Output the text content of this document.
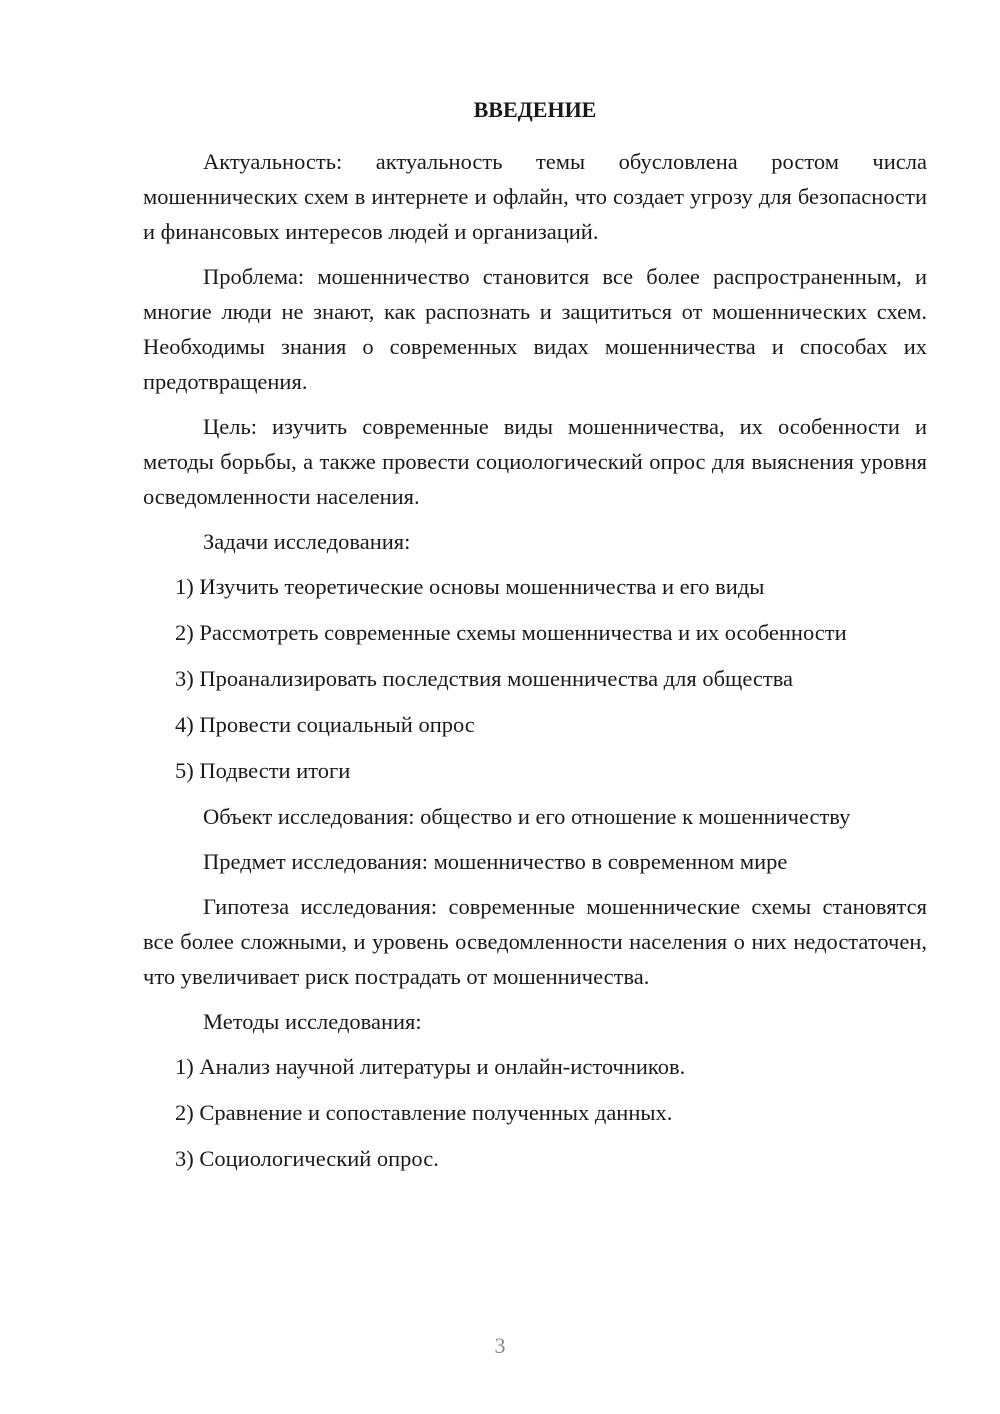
ВВЕДЕНИЕ

Актуальность: актуальность темы обусловлена ростом числа мошеннических схем в интернете и офлайн, что создает угрозу для безопасности и финансовых интересов людей и организаций.

Проблема: мошенничество становится все более распространенным, и многие люди не знают, как распознать и защититься от мошеннических схем. Необходимы знания о современных видах мошенничества и способах их предотвращения.

Цель: изучить современные виды мошенничества, их особенности и методы борьбы, а также провести социологический опрос для выяснения уровня осведомленности населения.

Задачи исследования:

1) Изучить теоретические основы мошенничества и его виды
2) Рассмотреть современные схемы мошенничества и их особенности
3) Проанализировать последствия мошенничества для общества
4) Провести социальный опрос
5) Подвести итоги

Объект исследования: общество и его отношение к мошенничеству

Предмет исследования: мошенничество в современном мире

Гипотеза исследования: современные мошеннические схемы становятся все более сложными, и уровень осведомленности населения о них недостаточен, что увеличивает риск пострадать от мошенничества.

Методы исследования:

1) Анализ научной литературы и онлайн-источников.
2) Сравнение и сопоставление полученных данных.
3) Социологический опрос.
3
